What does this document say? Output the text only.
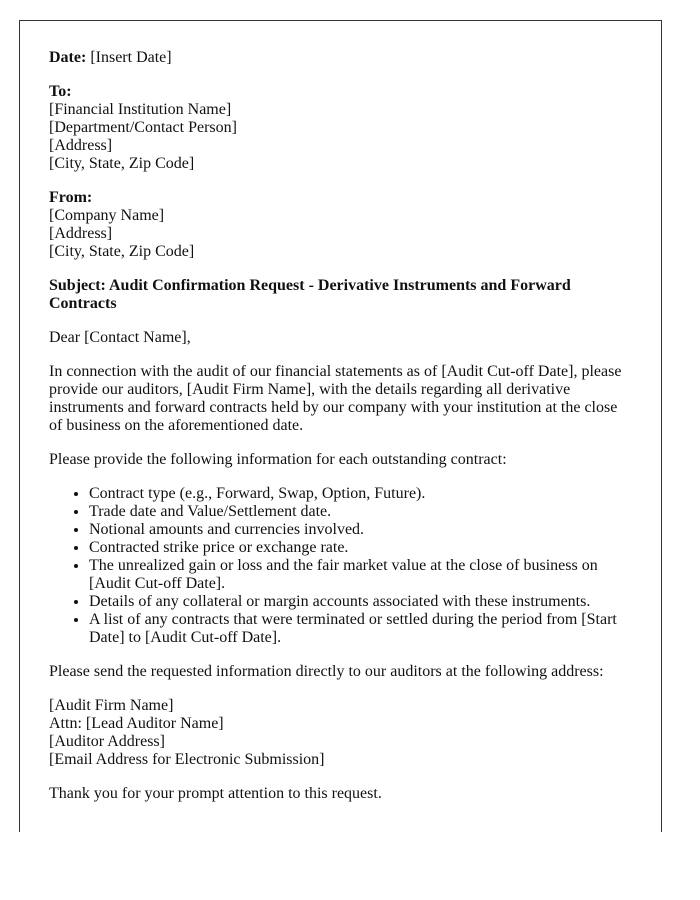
Date: [Insert Date]

To:
[Financial Institution Name]
[Department/Contact Person]
[Address]
[City, State, Zip Code]

From:
[Company Name]
[Address]
[City, State, Zip Code]

Subject: Audit Confirmation Request - Derivative Instruments and Forward Contracts

Dear [Contact Name],

In connection with the audit of our financial statements as of [Audit Cut-off Date], please provide our auditors, [Audit Firm Name], with the details regarding all derivative instruments and forward contracts held by our company with your institution at the close of business on the aforementioned date.

Please provide the following information for each outstanding contract:

• Contract type (e.g., Forward, Swap, Option, Future).
• Trade date and Value/Settlement date.
• Notional amounts and currencies involved.
• Contracted strike price or exchange rate.
• The unrealized gain or loss and the fair market value at the close of business on [Audit Cut-off Date].
• Details of any collateral or margin accounts associated with these instruments.
• A list of any contracts that were terminated or settled during the period from [Start Date] to [Audit Cut-off Date].

Please send the requested information directly to our auditors at the following address:

[Audit Firm Name]
Attn: [Lead Auditor Name]
[Auditor Address]
[Email Address for Electronic Submission]

Thank you for your prompt attention to this request.
